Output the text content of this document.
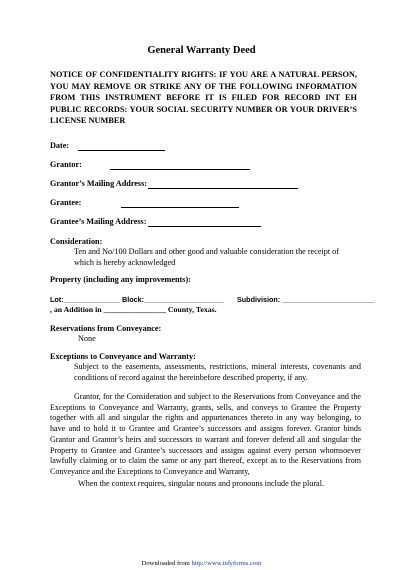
General Warranty Deed
NOTICE OF CONFIDENTIALITY RIGHTS: IF YOU ARE A NATURAL PERSON, YOU MAY REMOVE OR STRIKE ANY OF THE FOLLOWING INFORMATION FROM THIS INSTRUMENT BEFORE IT IS FILED FOR RECORD INT EH PUBLIC RECORDS: YOUR SOCIAL SECURITY NUMBER OR YOUR DRIVER’S LICENSE NUMBER
Date:
Grantor:
Grantor’s Mailing Address:
Grantee:
Grantee’s Mailing Address:
Consideration:
Ten and No/100 Dollars and other good and valuable consideration the receipt of which is hereby acknowledged
Property (including any improvements):
Lot:______________ Block:____________________ Subdivision: _______________________
, an Addition in ________________ County, Texas.
Reservations from Conveyance:
None
Exceptions to Conveyance and Warranty:
Subject to the easements, assessments, restrictions, mineral interests, covenants and conditions of record against the hereinbefore described property, if any.
Grantor, for the Consideration and subject to the Reservations from Conveyance and the Exceptions to Conveyance and Warranty, grants, sells, and conveys to Grantee the Property together with all and singular the rights and appurtenances thereto in any way belonging, to have and to hold it to Grantee and Grantee’s successors and assigns forever. Grantor binds Grantor and Grantor’s heirs and successors to warrant and forever defend all and singular the Property to Grantee and Grantee’s successors and assigns against every person whomsoever lawfully claiming or to claim the same or any part thereof, except as to the Reservations from Conveyance and the Exceptions to Conveyance and Warranty,
When the context requires, singular nouns and pronouns include the plural.
Downloaded from http://www.tidyforms.com
